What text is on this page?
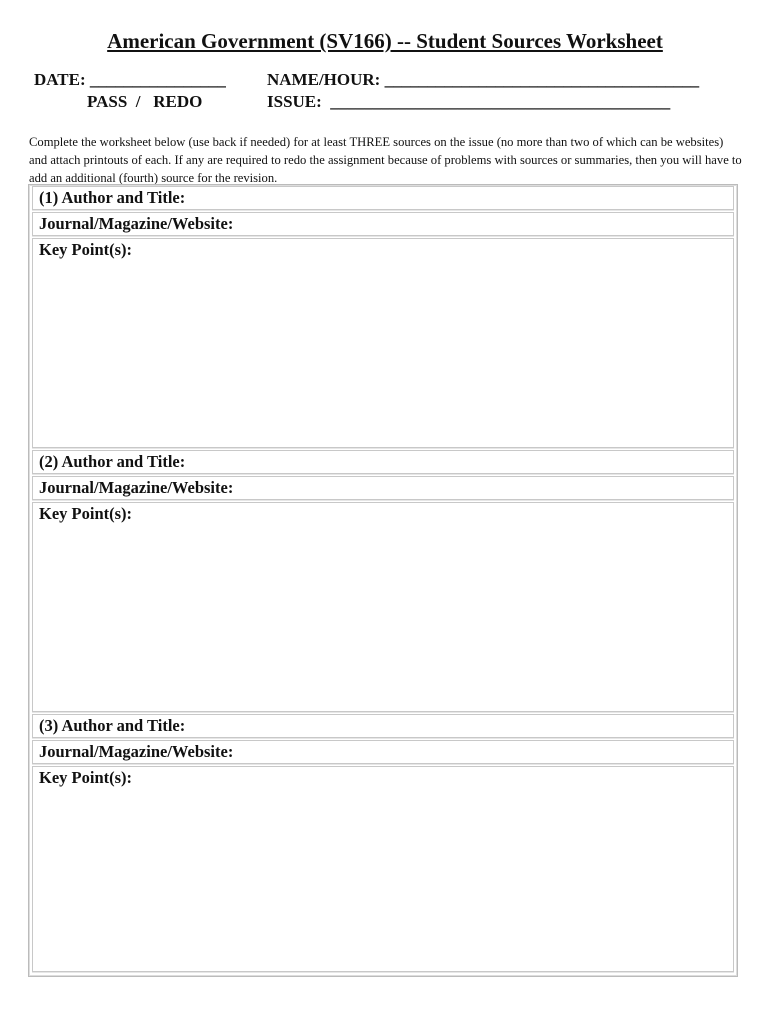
American Government (SV166) -- Student Sources Worksheet
DATE: ________________
PASS  /   REDO
NAME/HOUR: _____________________________________
ISSUE:  ________________________________________
Complete the worksheet below (use back if needed) for at least THREE sources on the issue (no more than two of which can be websites) and attach printouts of each. If any are required to redo the assignment because of problems with sources or summaries, then you will have to add an additional (fourth) source for the revision.
(1) Author and Title:
Journal/Magazine/Website:
Key Point(s):
(2) Author and Title:
Journal/Magazine/Website:
Key Point(s):
(3) Author and Title:
Journal/Magazine/Website:
Key Point(s):
